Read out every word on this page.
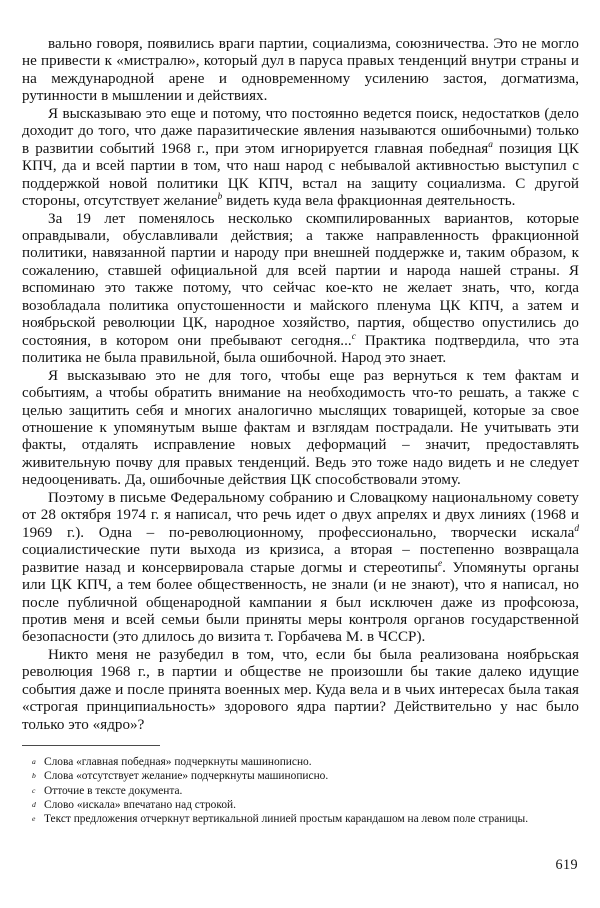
вально говоря, появились враги партии, социализма, союзничества. Это не могло не привести к «мистралю», который дул в паруса правых тенденций внутри страны и на международной арене и одновременному усилению застоя, догматизма, рутинности в мышлении и действиях.

Я высказываю это еще и потому, что постоянно ведется поиск, недостатков (дело доходит до того, что даже паразитические явления называются ошибочными) только в развитии событий 1968 г., при этом игнорируется главная победная$^a$ позиция ЦК КПЧ, да и всей партии в том, что наш народ с небывалой активностью выступил с поддержкой новой политики ЦК КПЧ, встал на защиту социализма. С другой стороны, отсутствует желание$^b$ видеть куда вела фракционная деятельность.

За 19 лет поменялось несколько скомпилированных вариантов, которые оправдывали, обуславливали действия; а также направленность фракционной политики, навязанной партии и народу при внешней поддержке и, таким образом, к сожалению, ставшей официальной для всей партии и народа нашей страны. Я вспоминаю это также потому, что сейчас кое-кто не желает знать, что, когда возобладала политика опустошенности и майского пленума ЦК КПЧ, а затем и ноябрьской революции ЦК, народное хозяйство, партия, общество опустились до состояния, в котором они пребывают сегодня...$^c$ Практика подтвердила, что эта политика не была правильной, была ошибочной. Народ это знает.

Я высказываю это не для того, чтобы еще раз вернуться к тем фактам и событиям, а чтобы обратить внимание на необходимость что-то решать, а также с целью защитить себя и многих аналогично мыслящих товарищей, которые за свое отношение к упомянутым выше фактам и взглядам пострадали. Не учитывать эти факты, отдалять исправление новых деформаций – значит, предоставлять живительную почву для правых тенденций. Ведь это тоже надо видеть и не следует недооценивать. Да, ошибочные действия ЦК способствовали этому.

Поэтому в письме Федеральному собранию и Словацкому национальному совету от 28 октября 1974 г. я написал, что речь идет о двух апрелях и двух линиях (1968 и 1969 г.). Одна – по-революционному, профессионально, творчески искала$^d$ социалистические пути выхода из кризиса, а вторая – постепенно возвращала развитие назад и консервировала старые догмы и стереотипы$^e$. Упомянуты органы или ЦК КПЧ, а тем более общественность, не знали (и не знают), что я написал, но после публичной общенародной кампании я был исключен даже из профсоюза, против меня и всей семьи были приняты меры контроля органов государственной безопасности (это длилось до визита т. Горбачева М. в ЧССР).

Никто меня не разубедил в том, что, если бы была реализована ноябрьская революция 1968 г., в партии и обществе не произошли бы такие далеко идущие события даже и после принята военных мер. Куда вела и в чьих интересах была такая «строгая принципиальность» здорового ядра партии? Действительно у нас было только это «ядро»?

a Слова «главная победная» подчеркнуты машинописно.

b Слова «отсутствует желание» подчеркнуты машинописно.

c Отточие в тексте документа.

d Слово «искала» впечатано над строкой.

e Текст предложения отчеркнут вертикальной линией простым карандашом на левом поле страницы.

619
